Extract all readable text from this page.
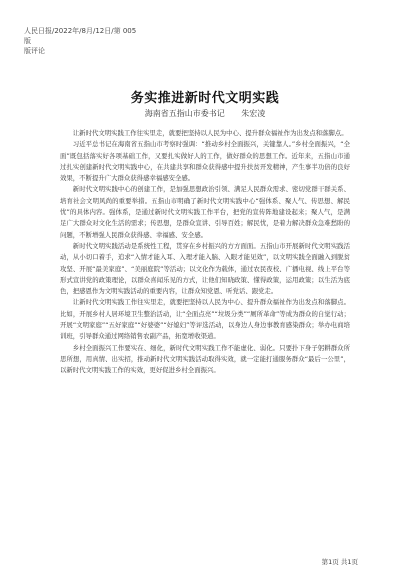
人民日报/2022年/8月/12日/第 005
版
版评论
务实推进新时代文明实践
海南省五指山市委书记 朱宏凌

让新时代文明实践工作往实里走，就要把坚持以人民为中心、提升群众福祉作为出发点和落脚点。

习近平总书记在海南省五指山市考察时强调：“推动乡村全面振兴，关键靠人。”乡村全面振兴，“全面”既包括落实好各项基础工作，又要扎实做好人的工作，做好群众的思想工作。近年来，五指山市通过扎实创建新时代文明实践中心，在共建共享和群众获得感中提升扶贫开发精神，产生事半功倍的良好效果，不断提升广大群众获得感幸福感安全感。

新时代文明实践中心的创建工作，是加强思想政治引领、满足人民群众需求、密切党群干群关系、培育社会文明风尚的重要举措。五指山市明确了新时代文明实践中心“强体系、聚人气、传思想、解民忧”的具体内容。强体系，是通过新时代文明实践工作平台，把党的宣传阵地建设起来；聚人气，是满足广大群众对文化生活的需求；传思想，是群众宣讲、引导百姓；解民忧，是着力解决群众急难愁盼的问题，不断增强人民群众获得感、幸福感、安全感。

新时代文明实践活动是系统性工程，贯穿在乡村振兴的方方面面。五指山市开展新时代文明实践活动，从小切口着手，追求“入情才能入耳、入理才能入脑、入眼才能见效”，以文明实践全面融入到脱贫攻坚、开展“最美家庭”、“美丽庭院”等活动；以文化作为载体，通过农民夜校、广播电视、线上平台等形式宣讲党的政策理论，以群众喜闻乐见的方式，让他们知晓政策、懂得政策，运用政策；以生活为底色，把感恩作为文明实践活动的重要内容，让群众知党恩、听党话、跟党走。

让新时代文明实践工作往实里走，就要把坚持以人民为中心、提升群众福祉作为出发点和落脚点。比如，开展乡村人居环境卫生整治活动，让“全面点亮”“垃圾分类”“厕所革命”等成为群众的自觉行动；开展“文明家庭”“五好家庭”“好婆婆”“好媳妇”等评选活动，以身边人身边事教育感染群众；举办电商培训班，引导群众通过网络销售农副产品，拓宽增收渠道。

乡村全面振兴工作要实在、细化，新时代文明实践工作不能虚化、弱化。只要扑下身子躬耕群众所思所想，用真情、出实招，推动新时代文明实践活动取得实效，就一定能打通服务群众“最后一公里”，以新时代文明实践工作的实效，更好促进乡村全面振兴。

第1页 共1页
